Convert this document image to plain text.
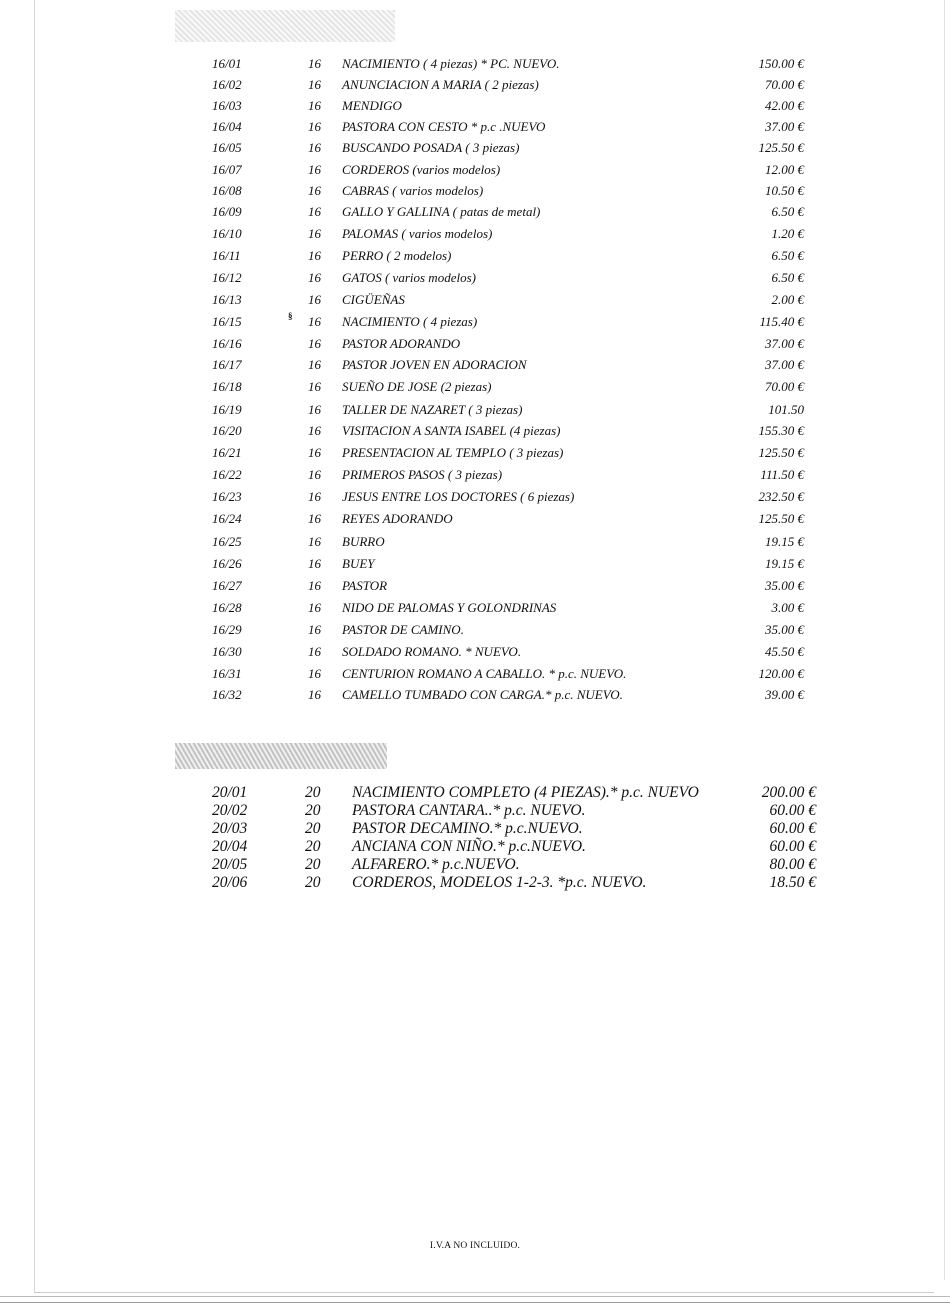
16/01	16 NACIMIENTO ( 4 piezas) * PC. NUEVO.	150.00 €
16/02	16 ANUNCIACION A MARIA ( 2 piezas)	70.00 €
16/03	16 MENDIGO	42.00 €
16/04	16 PASTORA CON CESTO * p.c .NUEVO	37.00 €
16/05	16 BUSCANDO POSADA ( 3 piezas)	125.50 €
16/07	16 CORDEROS (varios modelos)	12.00 €
16/08	16 CABRAS ( varios modelos)	10.50 €
16/09	16 GALLO Y GALLINA ( patas de metal)	6.50 €
16/10	16 PALOMAS ( varios modelos)	1.20 €
16/11	16 PERRO ( 2 modelos)	6.50 €
16/12	16 GATOS ( varios modelos)	6.50 €
16/13	16 CIGÜEÑAS	2.00 €
16/15	16 NACIMIENTO ( 4 piezas)	115.40 €
16/16	16 PASTOR ADORANDO	37.00 €
16/17	16 PASTOR JOVEN EN ADORACION	37.00 €
16/18	16 SUEÑO DE JOSE (2 piezas)	70.00 €
16/19	16 TALLER DE NAZARET ( 3 piezas)	101.50
16/20	16 VISITACION A SANTA ISABEL (4 piezas)	155.30 €
16/21	16 PRESENTACION AL TEMPLO ( 3 piezas)	125.50 €
16/22	16 PRIMEROS PASOS ( 3 piezas)	111.50 €
16/23	16 JESUS ENTRE LOS DOCTORES ( 6 piezas)	232.50 €
16/24	16 REYES ADORANDO	125.50 €
16/25	16 BURRO	19.15 €
16/26	16 BUEY	19.15 €
16/27	16 PASTOR	35.00 €
16/28	16 NIDO DE PALOMAS Y GOLONDRINAS	3.00 €
16/29	16 PASTOR DE CAMINO.	35.00 €
16/30	16 SOLDADO ROMANO. * NUEVO.	45.50 €
16/31	16 CENTURION ROMANO A CABALLO. * p.c. NUEVO.	120.00 €
16/32	16 CAMELLO TUMBADO CON CARGA.* p.c. NUEVO.	39.00 €
§
20/01	20 NACIMIENTO COMPLETO (4 PIEZAS).* p.c. NUEVO	200.00 €
20/02	20 PASTORA CANTARA..* p.c. NUEVO.	60.00 €
20/03	20 PASTOR DECAMINO.* p.c.NUEVO.	60.00 €
20/04	20 ANCIANA CON NIÑO.* p.c.NUEVO.	60.00 €
20/05	20 ALFARERO.* p.c.NUEVO.	80.00 €
20/06	20 CORDEROS, MODELOS 1-2-3. *p.c. NUEVO.	18.50 €
I.V.A NO INCLUIDO.
